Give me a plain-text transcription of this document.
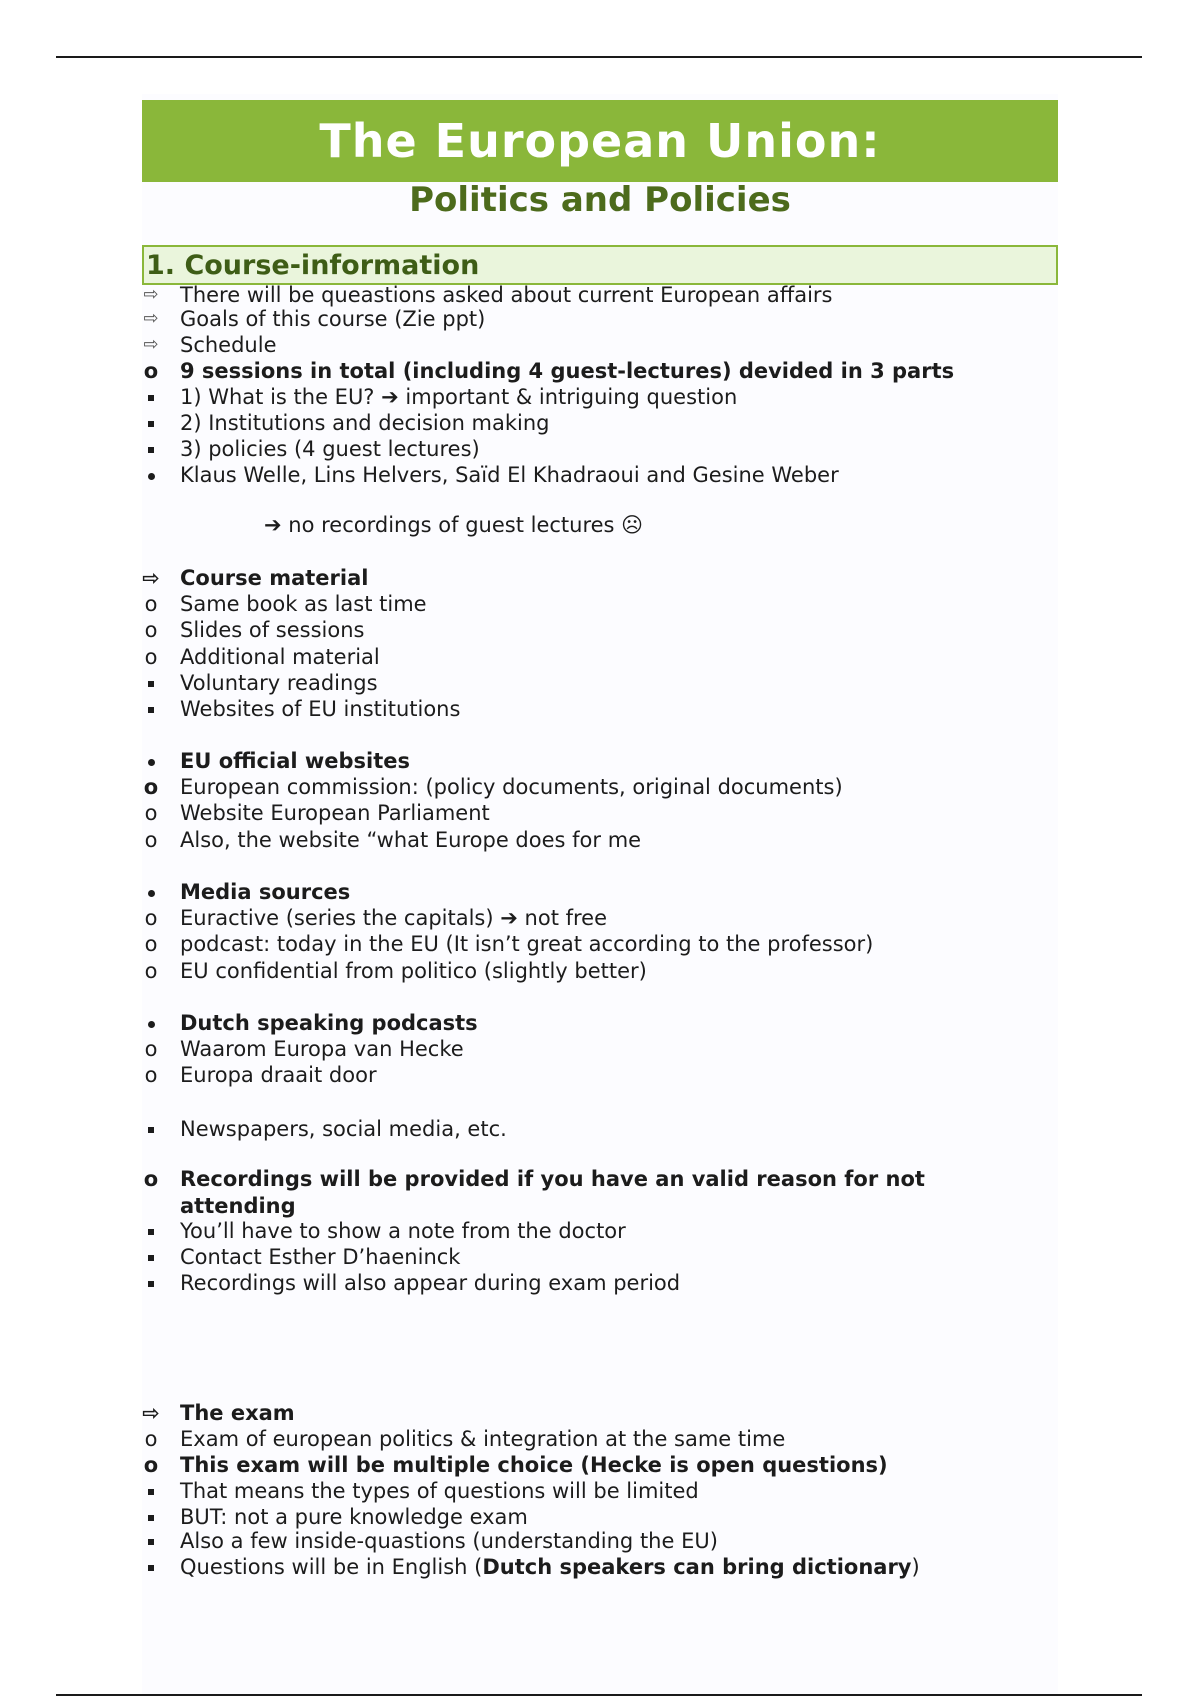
The European Union:
Politics and Policies
1. Course-information
⇨ There will be queastions asked about current European affairs
⇨ Goals of this course (Zie ppt)
⇨ Schedule
o 9 sessions in total (including 4 guest-lectures) devided in 3 parts
1) What is the EU? ➔ important & intriguing question
2) Institutions and decision making
3) policies (4 guest lectures)
Klaus Welle, Lins Helvers, Saïd El Khadraoui and Gesine Weber
➔ no recordings of guest lectures ☹
⇨ Course material
o Same book as last time
o Slides of sessions
o Additional material
Voluntary readings
Websites of EU institutions
EU official websites
o European commission: (policy documents, original documents)
o Website European Parliament
o Also, the website “what Europe does for me
Media sources
o Euractive (series the capitals) ➔ not free
o podcast: today in the EU (It isn’t great according to the professor)
o EU confidential from politico (slightly better)
Dutch speaking podcasts
o Waarom Europa van Hecke
o Europa draait door
Newspapers, social media, etc.
o Recordings will be provided if you have an valid reason for not
attending
You’ll have to show a note from the doctor
Contact Esther D’haeninck
Recordings will also appear during exam period
⇨ The exam
o Exam of european politics & integration at the same time
o This exam will be multiple choice (Hecke is open questions)
That means the types of questions will be limited
BUT: not a pure knowledge exam
Also a few inside-quastions (understanding the EU)
Questions will be in English (Dutch speakers can bring dictionary)
